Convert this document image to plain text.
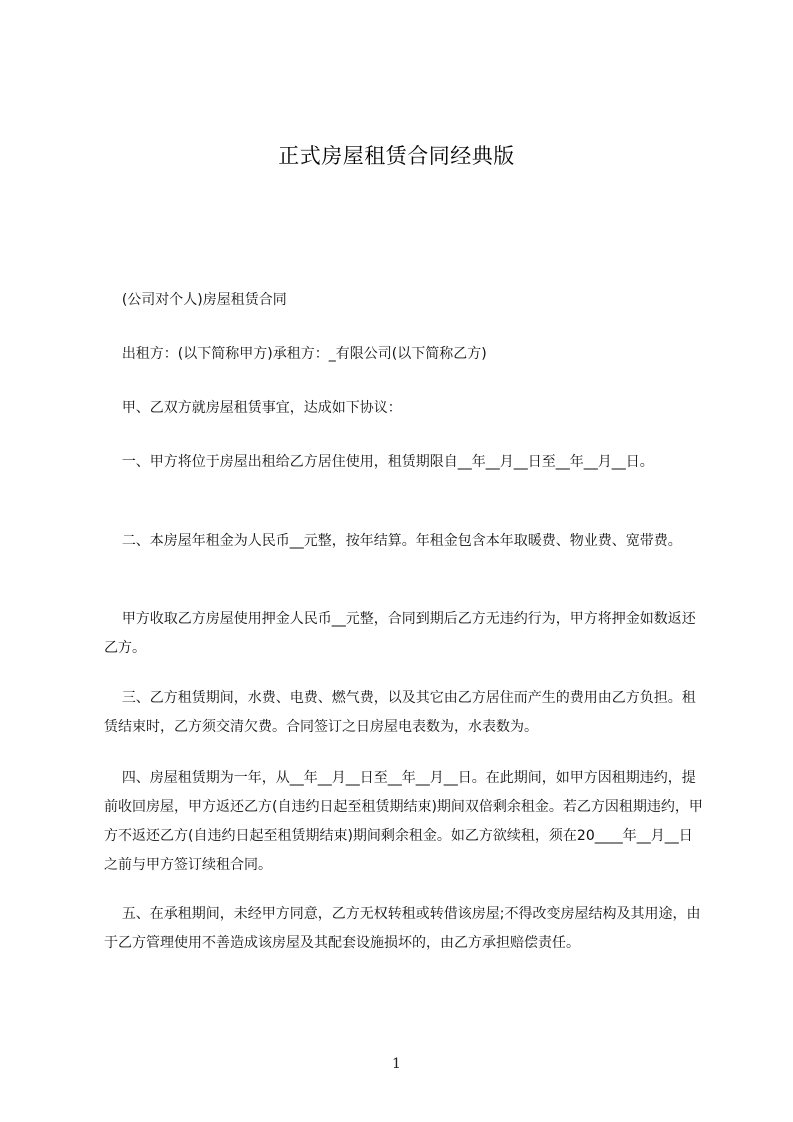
正式房屋租赁合同经典版
(公司对个人)房屋租赁合同
出租方：(以下简称甲方)承租方：_有限公司(以下简称乙方)
甲、乙双方就房屋租赁事宜，达成如下协议：
一、甲方将位于房屋出租给乙方居住使用，租赁期限自__年__月__日至__年__月__日。
二、本房屋年租金为人民币__元整，按年结算。年租金包含本年取暖费、物业费、宽带费。
甲方收取乙方房屋使用押金人民币__元整，合同到期后乙方无违约行为，甲方将押金如数返还乙方。
三、乙方租赁期间，水费、电费、燃气费，以及其它由乙方居住而产生的费用由乙方负担。租赁结束时，乙方须交清欠费。合同签订之日房屋电表数为，水表数为。
四、房屋租赁期为一年，从__年__月__日至__年__月__日。在此期间，如甲方因租期违约，提前收回房屋，甲方返还乙方(自违约日起至租赁期结束)期间双倍剩余租金。若乙方因租期违约，甲方不返还乙方(自违约日起至租赁期结束)期间剩余租金。如乙方欲续租，须在20____年__月__日之前与甲方签订续租合同。
五、在承租期间，未经甲方同意，乙方无权转租或转借该房屋;不得改变房屋结构及其用途，由于乙方管理使用不善造成该房屋及其配套设施损坏的，由乙方承担赔偿责任。
1
